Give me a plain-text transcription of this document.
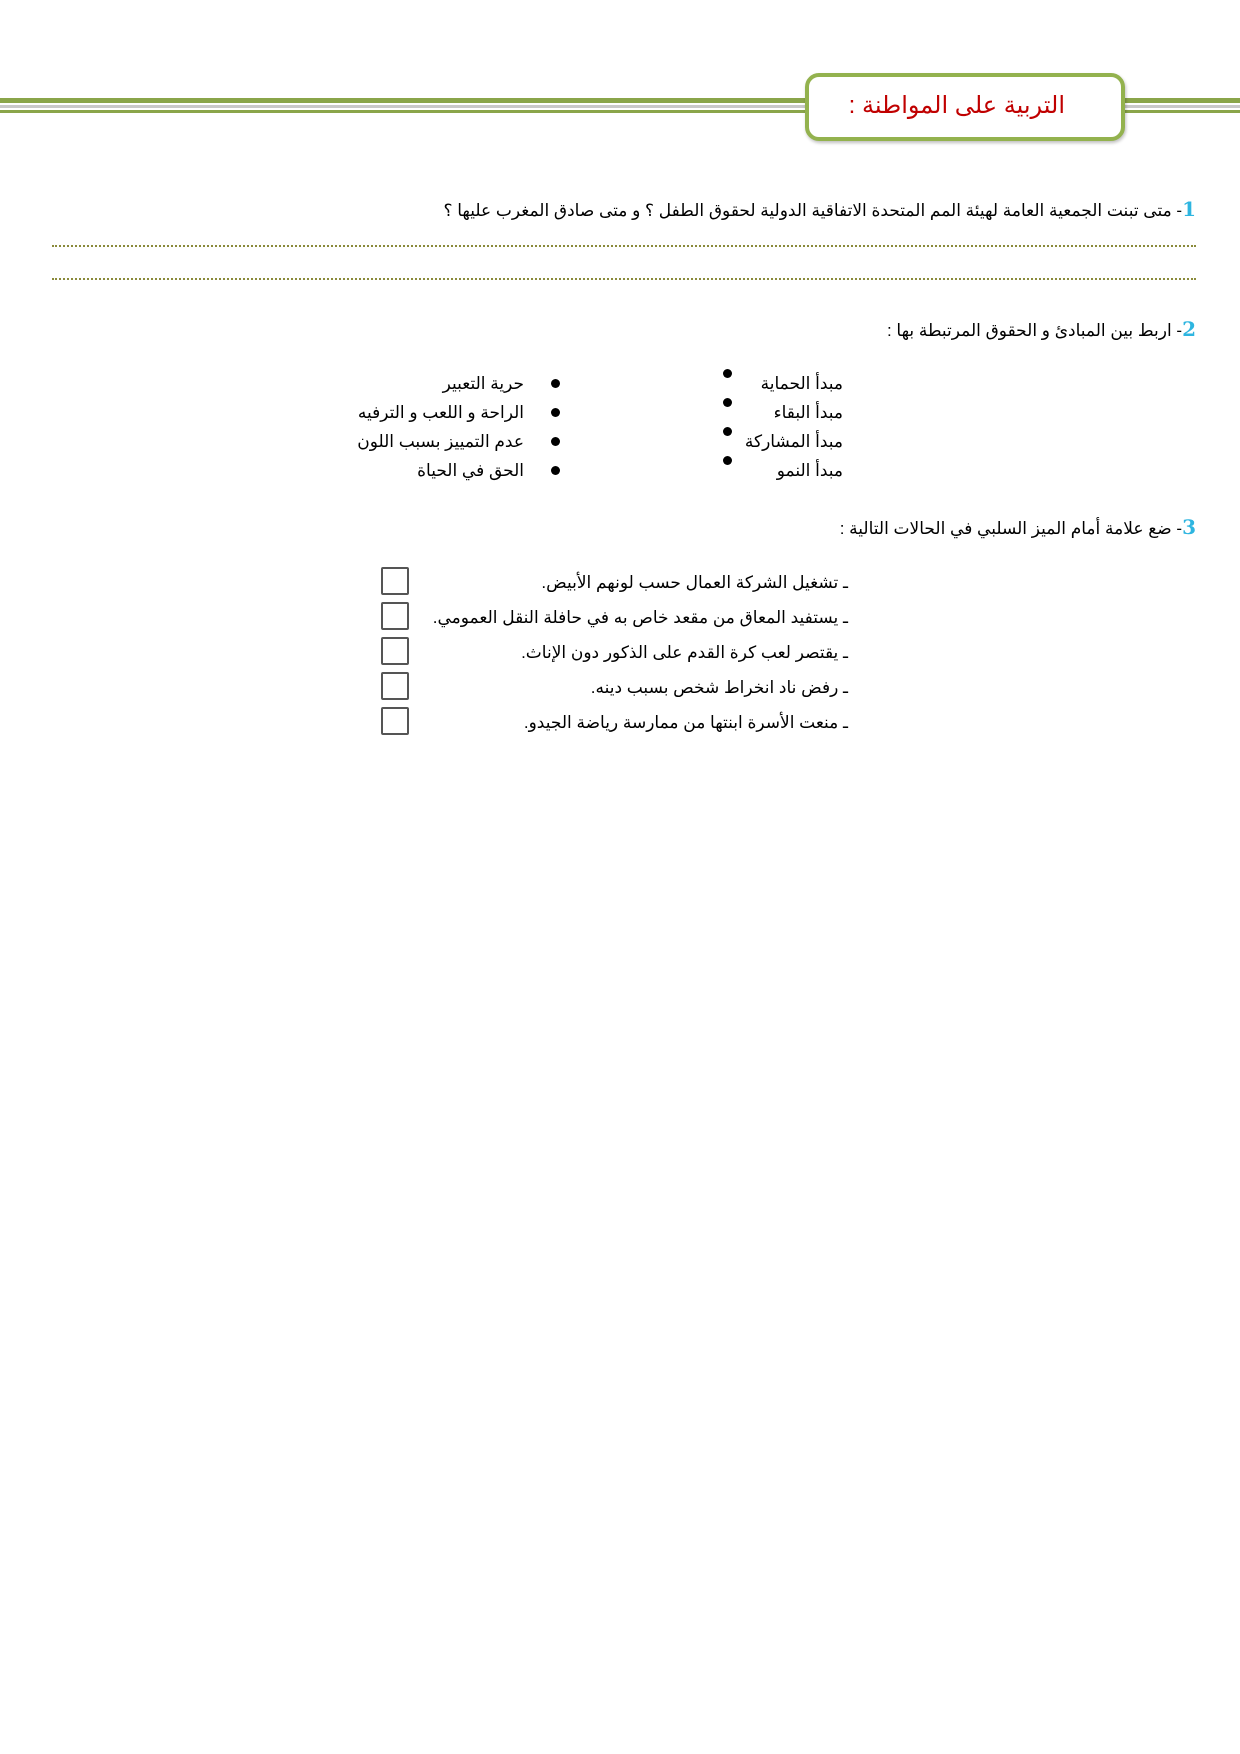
التربية على المواطنة :
1- متى تبنت الجمعية العامة لهيئة المم المتحدة الاتفاقية الدولية لحقوق الطفل ؟ و متى صادق المغرب عليها ؟
2- اربط بين المبادئ و الحقوق المرتبطة بها :
مبدأ الحماية
مبدأ البقاء
مبدأ المشاركة
مبدأ النمو
حرية التعبير
الراحة و اللعب و الترفيه
عدم التمييز بسبب اللون
الحق في الحياة
3- ضع علامة أمام الميز السلبي في الحالات التالية :
ـ تشغيل الشركة العمال حسب لونهم الأبيض.
ـ يستفيد المعاق من مقعد خاص به في حافلة النقل العمومي.
ـ يقتصر لعب كرة القدم على الذكور دون الإناث.
ـ رفض ناد انخراط شخص بسبب دينه.
ـ منعت الأسرة ابنتها من ممارسة رياضة الجيدو.
